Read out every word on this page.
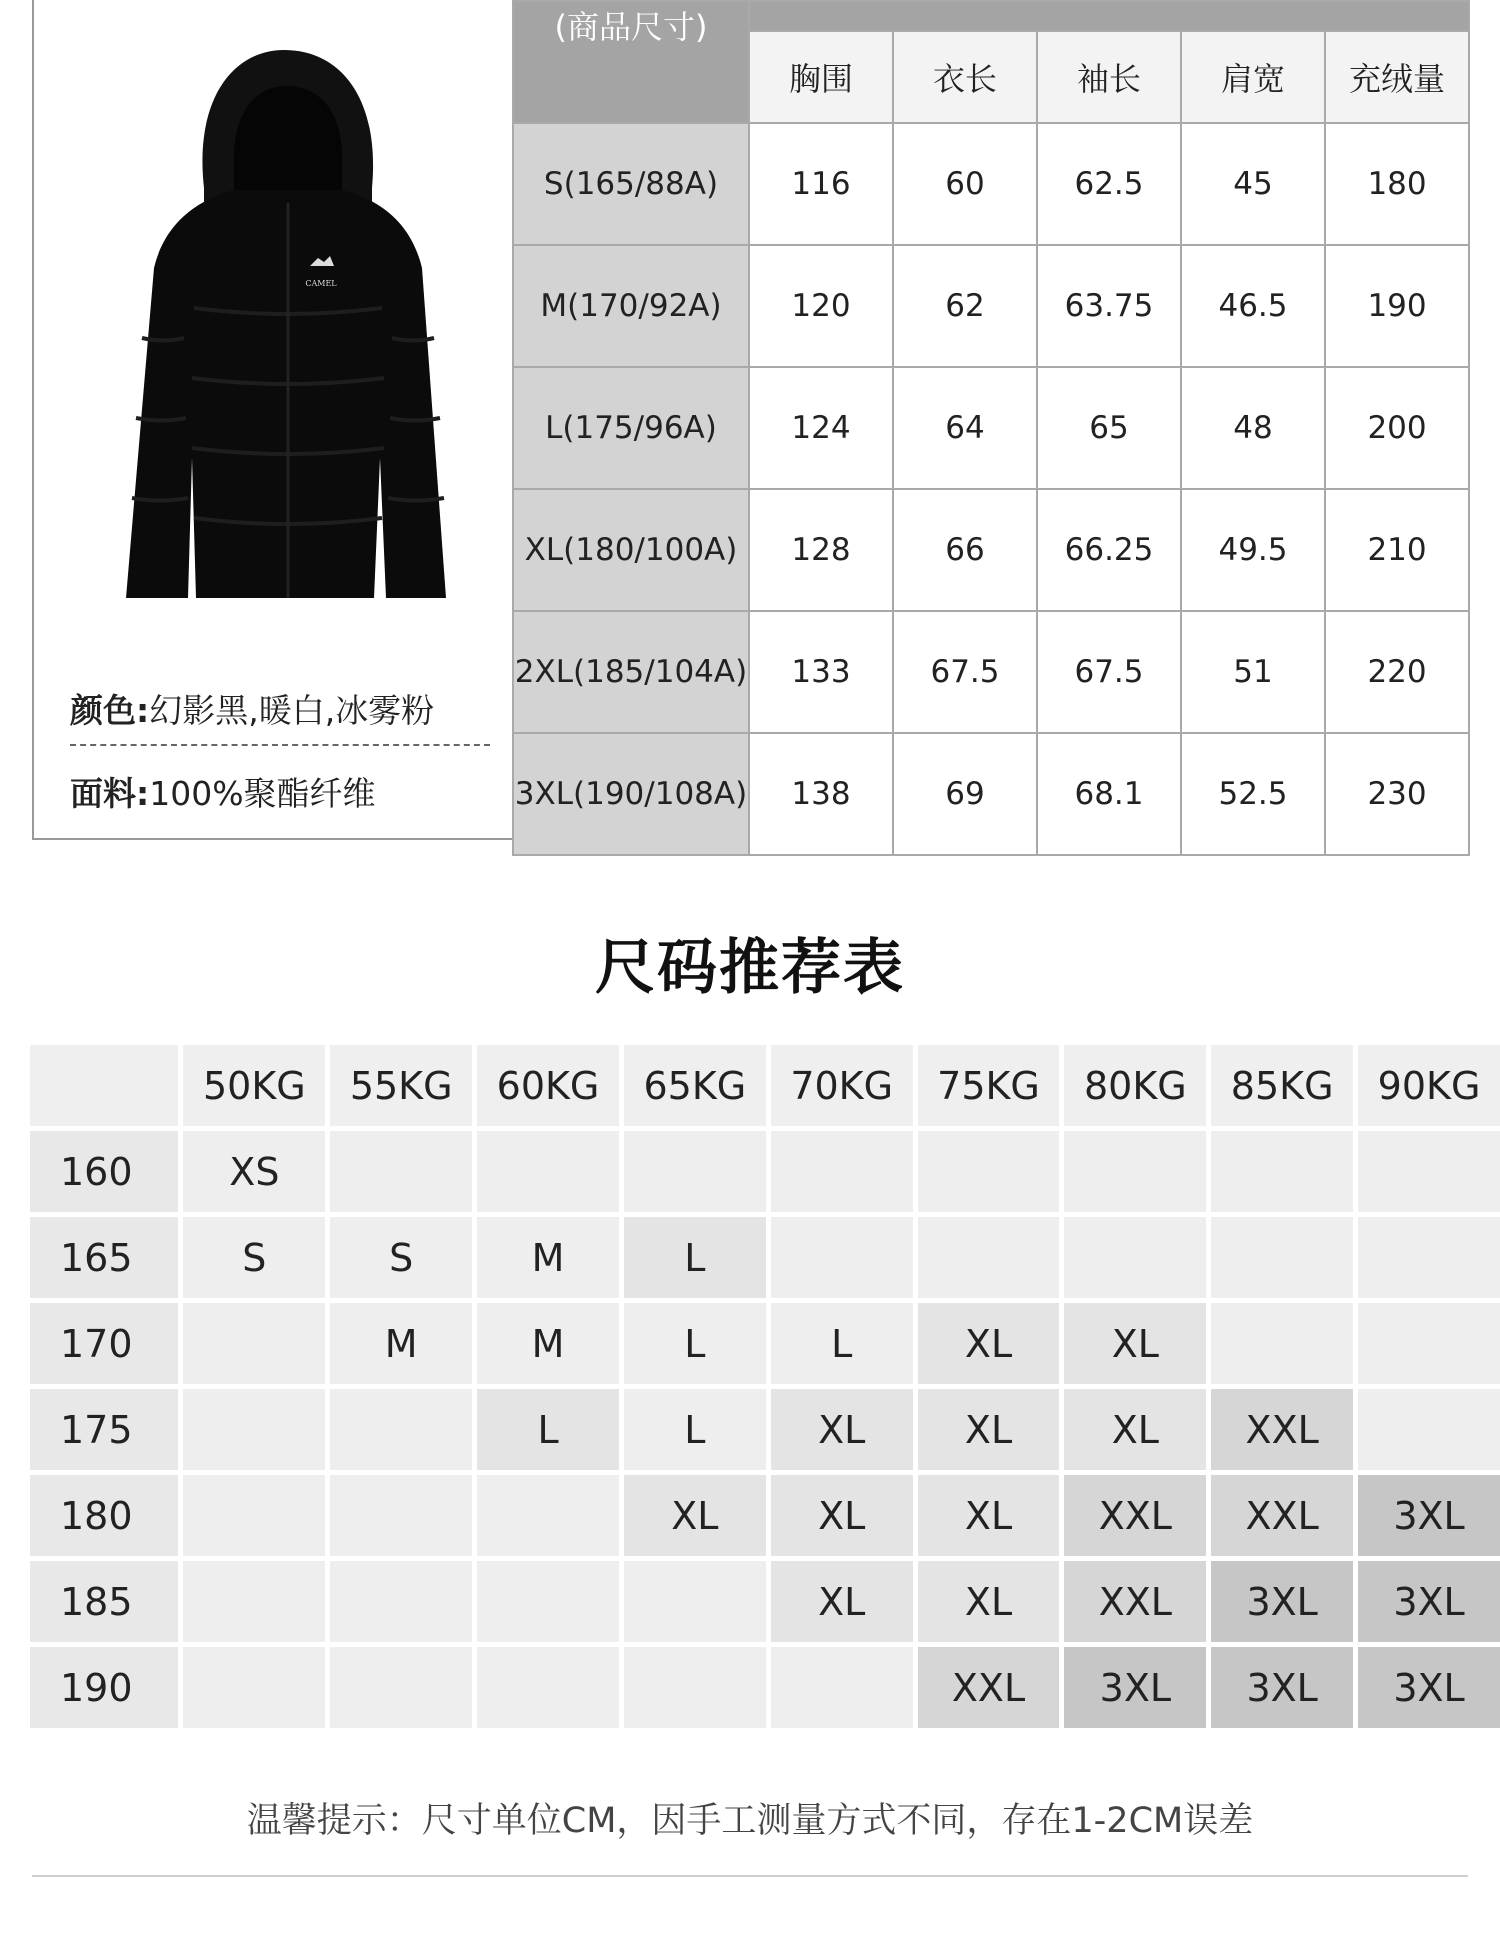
CAMEL
颜色:幻影黑,暖白,冰雾粉
面料:100%聚酯纤维
(商品尺寸)					
	胸围	衣长	袖长	肩宽	充绒量
S(165/88A)	116	60	62.5	45	180
M(170/92A)	120	62	63.75	46.5	190
L(175/96A)	124	64	65	48	200
XL(180/100A)	128	66	66.25	49.5	210
2XL(185/104A)	133	67.5	67.5	51	220
3XL(190/108A)	138	69	68.1	52.5	230
尺码推荐表
	50KG	55KG	60KG	65KG	70KG	75KG	80KG	85KG	90KG
160	XS								
165	S	S	M	L					
170		M	M	L	L	XL	XL		
175			L	L	XL	XL	XL	XXL	
180				XL	XL	XL	XXL	XXL	3XL
185					XL	XL	XXL	3XL	3XL
190						XXL	3XL	3XL	3XL
温馨提示：尺寸单位CM，因手工测量方式不同，存在1-2CM误差
